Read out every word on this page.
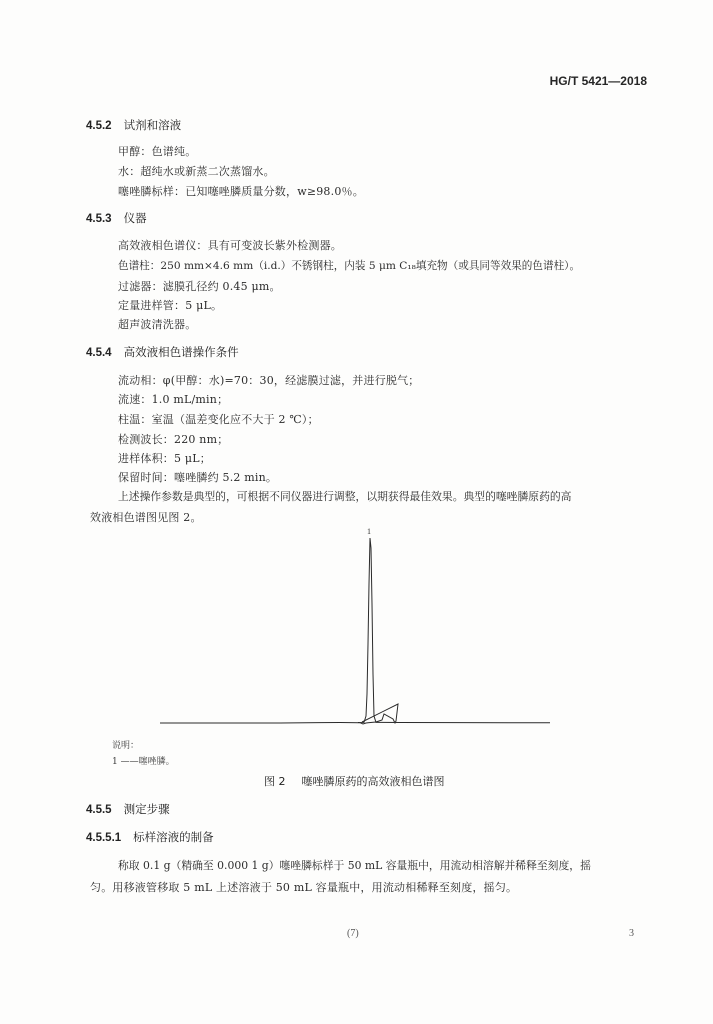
HG/T 5421—2018
4.5.2 试剂和溶液
甲醇：色谱纯。
水：超纯水或新蒸二次蒸馏水。
噻唑膦标样：已知噻唑膦质量分数，w≥98.0％。
4.5.3 仪器
高效液相色谱仪：具有可变波长紫外检测器。
色谱柱：250 mm×4.6 mm（i.d.）不锈钢柱，内装 5 μm C₁₈填充物（或具同等效果的色谱柱）。
过滤器：滤膜孔径约 0.45 μm。
定量进样管：5 μL。
超声波清洗器。
4.5.4 高效液相色谱操作条件
流动相：φ(甲醇：水)=70：30，经滤膜过滤，并进行脱气；
流速：1.0 mL/min；
柱温：室温（温差变化应不大于 2 ℃）；
检测波长：220 nm；
进样体积：5 μL；
保留时间：噻唑膦约 5.2 min。
上述操作参数是典型的，可根据不同仪器进行调整，以期获得最佳效果。典型的噻唑膦原药的高
效液相色谱图见图 2。
1
说明：
1 ——噻唑膦。
图 2 噻唑膦原药的高效液相色谱图
4.5.5 测定步骤
4.5.5.1 标样溶液的制备
称取 0.1 g（精确至 0.000 1 g）噻唑膦标样于 50 mL 容量瓶中，用流动相溶解并稀释至刻度，摇
匀。用移液管移取 5 mL 上述溶液于 50 mL 容量瓶中，用流动相稀释至刻度，摇匀。
(7)	3
